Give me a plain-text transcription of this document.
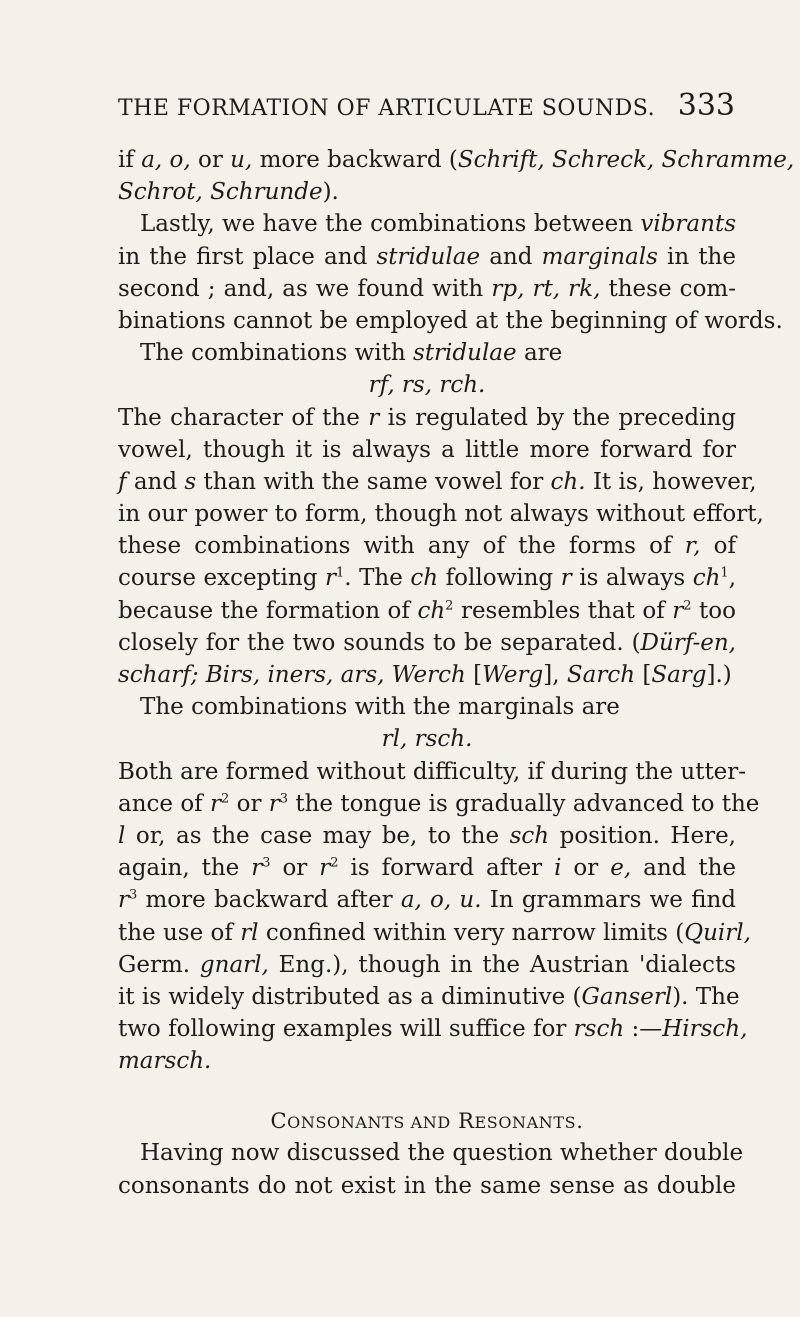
THE FORMATION OF ARTICULATE SOUNDS. 333
if a, o, or u, more backward (Schrift, Schreck, Schramme,
Schrot, Schrunde).
Lastly, we have the combinations between vibrants
in the first place and stridulae and marginals in the
second ; and, as we found with rp, rt, rk, these com-
binations cannot be employed at the beginning of words.
The combinations with stridulae are
rf, rs, rch.
The character of the r is regulated by the preceding
vowel, though it is always a little more forward for
f and s than with the same vowel for ch. It is, however,
in our power to form, though not always without effort,
these combinations with any of the forms of r, of
course excepting $r^1$. The ch following r is always $ch^1$,
because the formation of $ch^2$ resembles that of $r^2$ too
closely for the two sounds to be separated. (Dürf-en,
scharf; Birs, iners, ars, Werch [Werg], Sarch [Sarg].)
The combinations with the marginals are
rl, rsch.
Both are formed without difficulty, if during the utter-
ance of $r^2$ or $r^3$ the tongue is gradually advanced to the
l or, as the case may be, to the sch position. Here,
again, the $r^3$ or $r^2$ is forward after i or e, and the
$r^3$ more backward after a, o, u. In grammars we find
the use of rl confined within very narrow limits (Quirl,
Germ. gnarl, Eng.), though in the Austrian 'dialects
it is widely distributed as a diminutive (Ganserl). The
two following examples will suffice for rsch :—Hirsch,
marsch.
CONSONANTS AND RESONANTS.
Having now discussed the question whether double
consonants do not exist in the same sense as double
